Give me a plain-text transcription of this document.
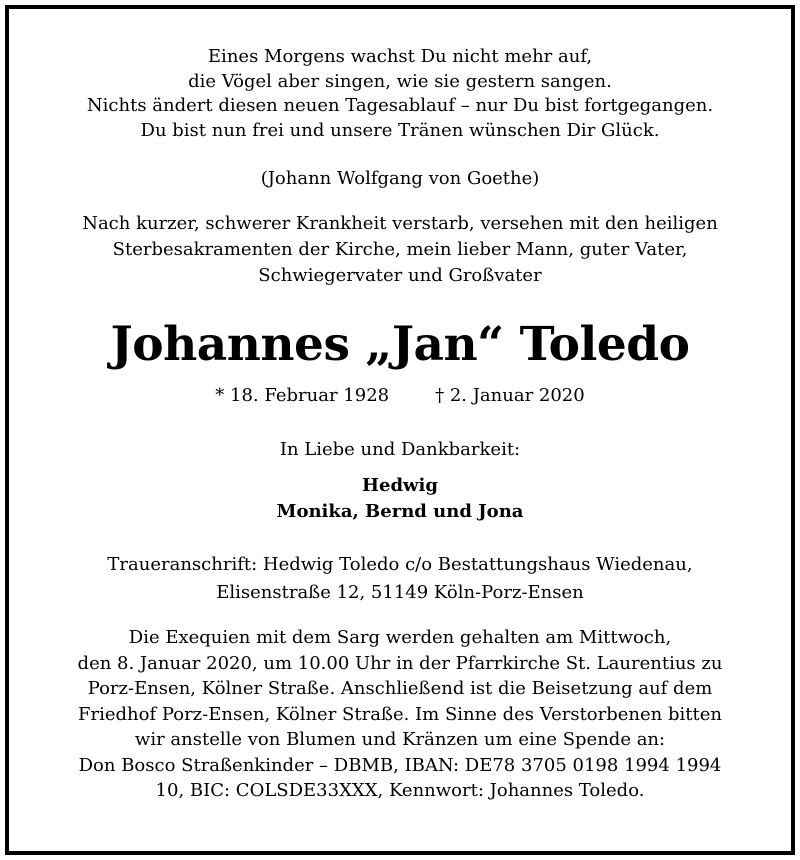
Eines Morgens wachst Du nicht mehr auf,
die Vögel aber singen, wie sie gestern sangen.
Nichts ändert diesen neuen Tagesablauf – nur Du bist fortgegangen.
Du bist nun frei und unsere Tränen wünschen Dir Glück.
(Johann Wolfgang von Goethe)
Nach kurzer, schwerer Krankheit verstarb, versehen mit den heiligen
Sterbesakramenten der Kirche, mein lieber Mann, guter Vater,
Schwiegervater und Großvater
Johannes „Jan“ Toledo
* 18. Februar 1928	† 2. Januar 2020
In Liebe und Dankbarkeit:
Hedwig
Monika, Bernd und Jona
Traueranschrift: Hedwig Toledo c/o Bestattungshaus Wiedenau,
Elisenstraße 12, 51149 Köln-Porz-Ensen
Die Exequien mit dem Sarg werden gehalten am Mittwoch,
den 8. Januar 2020, um 10.00 Uhr in der Pfarrkirche St. Laurentius zu
Porz-Ensen, Kölner Straße. Anschließend ist die Beisetzung auf dem
Friedhof Porz-Ensen, Kölner Straße. Im Sinne des Verstorbenen bitten
wir anstelle von Blumen und Kränzen um eine Spende an:
Don Bosco Straßenkinder – DBMB, IBAN: DE78 3705 0198 1994 1994
10, BIC: COLSDE33XXX, Kennwort: Johannes Toledo.
